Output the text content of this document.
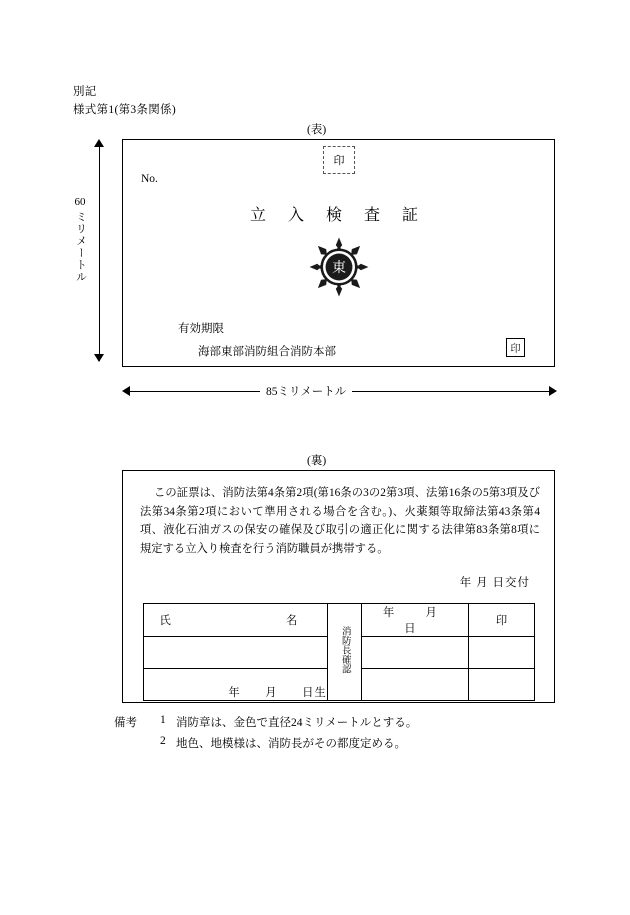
別記
様式第1(第3条関係)
(表)
60
ミリメートル
印
No.
立 入 検 査 証
東
有効期限
海部東部消防組合消防本部	印
85ミリメートル
(裏)
この証票は、消防法第4条第2項(第16条の3の2第3項、法第16条の5第3項及び法第34条第2項において準用される場合を含む。)、火薬類等取締法第43条第4項、液化石油ガスの保安の確保及び取引の適正化に関する法律第83条第8項に規定する立入り検査を行う消防職員が携帯する。
年 月 日交付
氏　　　　名	消防長確認	年　月　日	印

年　　月　　日生			
備考 1 消防章は、金色で直径24ミリメートルとする。
2 地色、地模様は、消防長がその都度定める。
